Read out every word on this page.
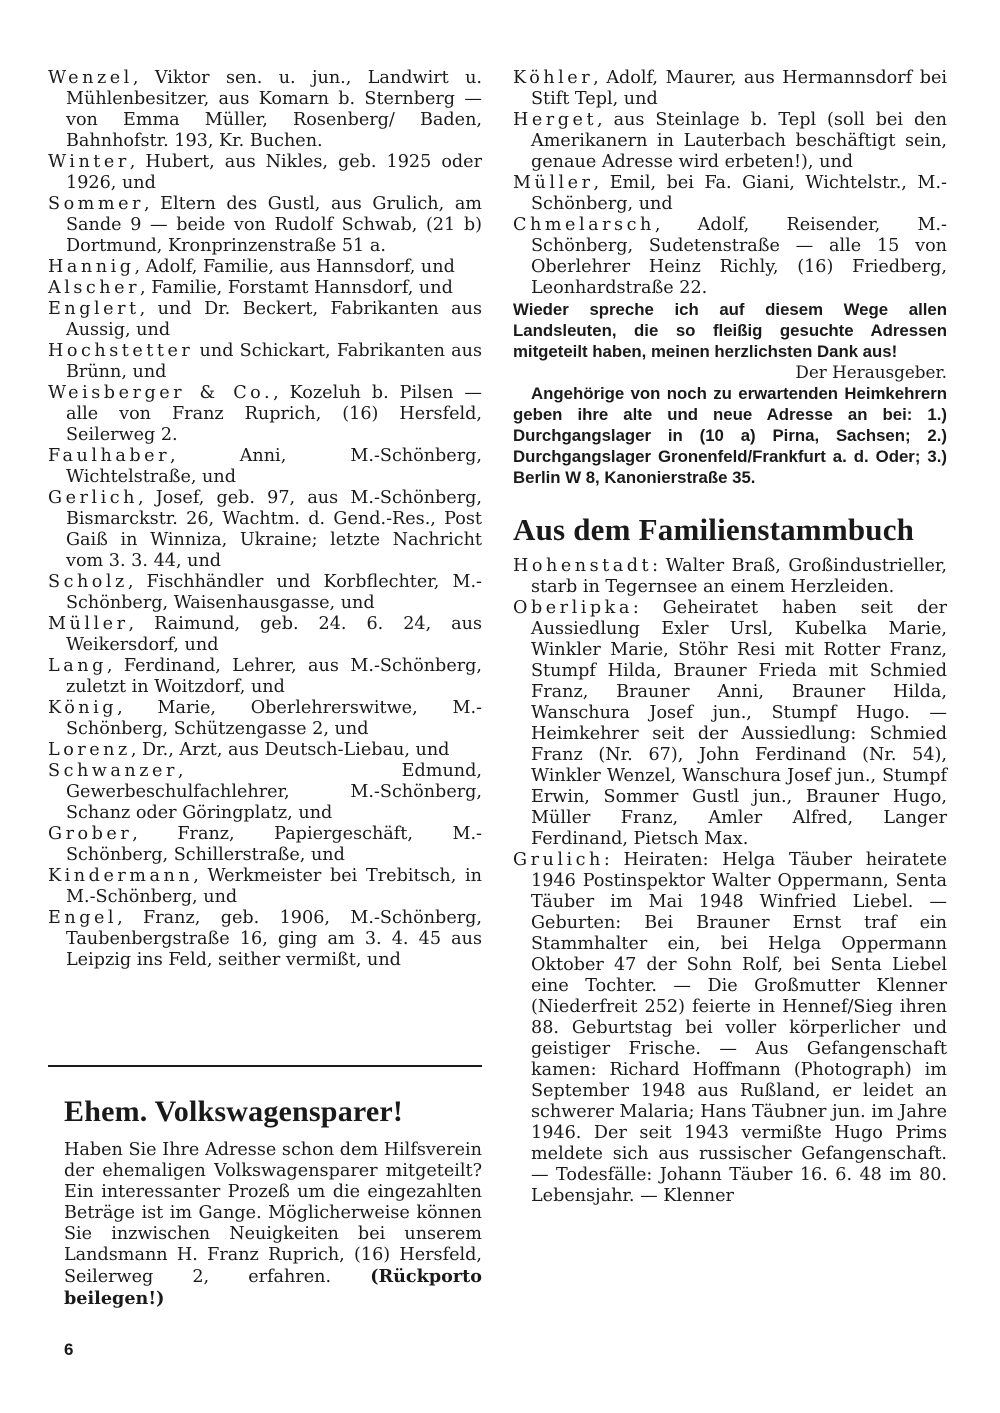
Wenzel, Viktor sen. u. jun., Landwirt u. Mühlenbesitzer, aus Komarn b. Sternberg — von Emma Müller, Rosenberg/ Baden, Bahnhofstr. 193, Kr. Buchen.

Winter, Hubert, aus Nikles, geb. 1925 oder 1926, und

Sommer, Eltern des Gustl, aus Grulich, am Sande 9 — beide von Rudolf Schwab, (21 b) Dortmund, Kronprinzenstraße 51 a.

Hannig, Adolf, Familie, aus Hannsdorf, und

Alscher, Familie, Forstamt Hannsdorf, und

Englert, und Dr. Beckert, Fabrikanten aus Aussig, und

Hochstetter und Schickart, Fabrikanten aus Brünn, und

Weisberger & Co., Kozeluh b. Pilsen — alle von Franz Ruprich, (16) Hersfeld, Seilerweg 2.

Faulhaber, Anni, M.-Schönberg, Wichtelstraße, und

Gerlich, Josef, geb. 97, aus M.-Schönberg, Bismarckstr. 26, Wachtm. d. Gend.-Res., Post Gaiß in Winniza, Ukraine; letzte Nachricht vom 3. 3. 44, und

Scholz, Fischhändler und Korbflechter, M.-Schönberg, Waisenhausgasse, und

Müller, Raimund, geb. 24. 6. 24, aus Weikersdorf, und

Lang, Ferdinand, Lehrer, aus M.-Schönberg, zuletzt in Woitzdorf, und

König, Marie, Oberlehrerswitwe, M.-Schönberg, Schützengasse 2, und

Lorenz, Dr., Arzt, aus Deutsch-Liebau, und

Schwanzer, Edmund, Gewerbeschulfachlehrer, M.-Schönberg, Schanz oder Göringplatz, und

Grober, Franz, Papiergeschäft, M.-Schönberg, Schillerstraße, und

Kindermann, Werkmeister bei Trebitsch, in M.-Schönberg, und

Engel, Franz, geb. 1906, M.-Schönberg, Taubenbergstraße 16, ging am 3. 4. 45 aus Leipzig ins Feld, seither vermißt, und

Ehem. Volkswagensparer!

Haben Sie Ihre Adresse schon dem Hilfsverein der ehemaligen Volkswagensparer mitgeteilt? Ein interessanter Prozeß um die eingezahlten Beträge ist im Gange. Möglicherweise können Sie inzwischen Neuigkeiten bei unserem Landsmann H. Franz Ruprich, (16) Hersfeld, Seilerweg 2, erfahren. (Rückporto beilegen!)

Köhler, Adolf, Maurer, aus Hermannsdorf bei Stift Tepl, und

Herget, aus Steinlage b. Tepl (soll bei den Amerikanern in Lauterbach beschäftigt sein, genaue Adresse wird erbeten!), und

Müller, Emil, bei Fa. Giani, Wichtelstr., M.-Schönberg, und

Chmelarsch, Adolf, Reisender, M.-Schönberg, Sudetenstraße — alle 15 von Oberlehrer Heinz Richly, (16) Friedberg, Leonhardstraße 22.

Wieder spreche ich auf diesem Wege allen Landsleuten, die so fleißig gesuchte Adressen mitgeteilt haben, meinen herzlichsten Dank aus!
Der Herausgeber.

Angehörige von noch zu erwartenden Heimkehrern geben ihre alte und neue Adresse an bei: 1.) Durchgangslager in (10 a) Pirna, Sachsen; 2.) Durchgangslager Gronenfeld/Frankfurt a. d. Oder; 3.) Berlin W 8, Kanonierstraße 35.

Aus dem Familienstammbuch

Hohenstadt: Walter Braß, Großindustrieller, starb in Tegernsee an einem Herzleiden.

Oberlipka: Geheiratet haben seit der Aussiedlung Exler Ursl, Kubelka Marie, Winkler Marie, Stöhr Resi mit Rotter Franz, Stumpf Hilda, Brauner Frieda mit Schmied Franz, Brauner Anni, Brauner Hilda, Wanschura Josef jun., Stumpf Hugo. — Heimkehrer seit der Aussiedlung: Schmied Franz (Nr. 67), John Ferdinand (Nr. 54), Winkler Wenzel, Wanschura Josef jun., Stumpf Erwin, Sommer Gustl jun., Brauner Hugo, Müller Franz, Amler Alfred, Langer Ferdinand, Pietsch Max.

Grulich: Heiraten: Helga Täuber heiratete 1946 Postinspektor Walter Oppermann, Senta Täuber im Mai 1948 Winfried Liebel. — Geburten: Bei Brauner Ernst traf ein Stammhalter ein, bei Helga Oppermann Oktober 47 der Sohn Rolf, bei Senta Liebel eine Tochter. — Die Großmutter Klenner (Niederfreit 252) feierte in Hennef/Sieg ihren 88. Geburtstag bei voller körperlicher und geistiger Frische. — Aus Gefangenschaft kamen: Richard Hoffmann (Photograph) im September 1948 aus Rußland, er leidet an schwerer Malaria; Hans Täubner jun. im Jahre 1946. Der seit 1943 vermißte Hugo Prims meldete sich aus russischer Gefangenschaft. — Todesfälle: Johann Täuber 16. 6. 48 im 80. Lebensjahr. — Klenner

6
